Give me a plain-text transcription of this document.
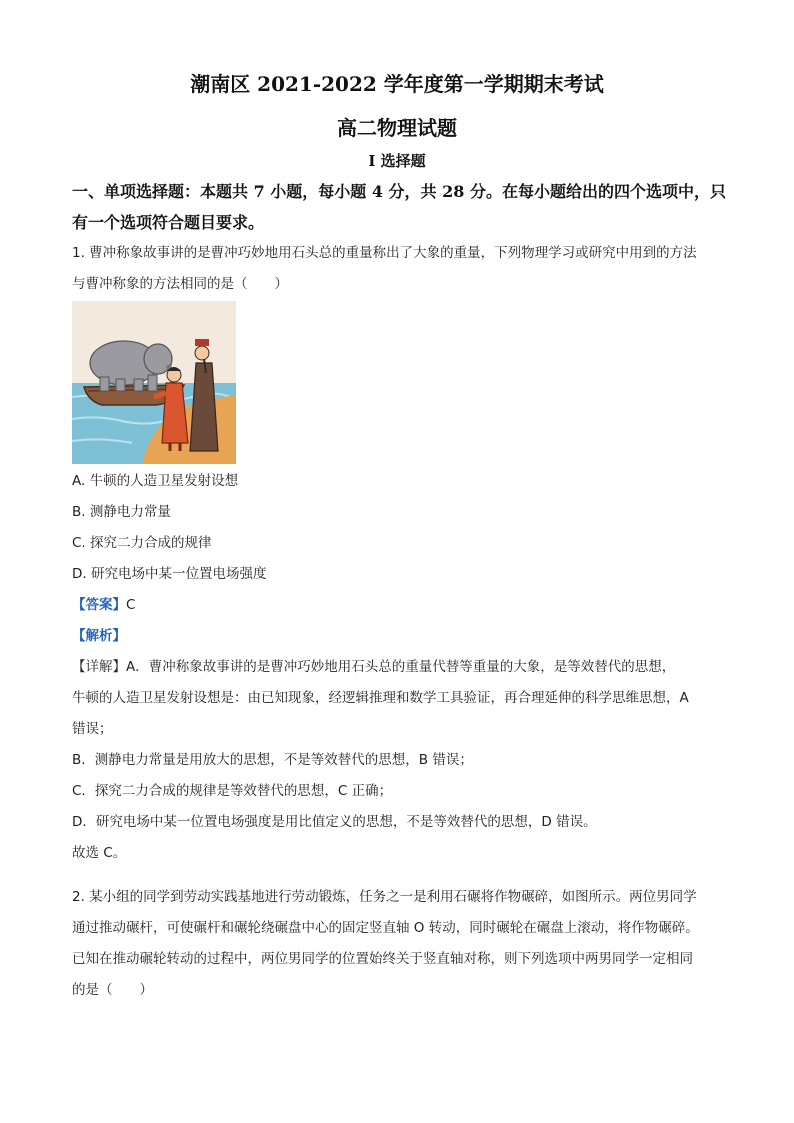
潮南区 2021-2022 学年度第一学期期末考试
高二物理试题
I 选择题
一、单项选择题：本题共 7 小题，每小题 4 分，共 28 分。在每小题给出的四个选项中，只
有一个选项符合题目要求。
1. 曹冲称象故事讲的是曹冲巧妙地用石头总的重量称出了大象的重量，下列物理学习或研究中用到的方法
与曹冲称象的方法相同的是（　　）
A. 牛顿的人造卫星发射设想
B. 测静电力常量
C. 探究二力合成的规律
D. 研究电场中某一位置电场强度
【答案】C
【解析】
【详解】A．曹冲称象故事讲的是曹冲巧妙地用石头总的重量代替等重量的大象，是等效替代的思想，
牛顿的人造卫星发射设想是：由已知现象，经逻辑推理和数学工具验证，再合理延伸的科学思维思想，A
错误；
B．测静电力常量是用放大的思想，不是等效替代的思想，B 错误；
C．探究二力合成的规律是等效替代的思想，C 正确；
D．研究电场中某一位置电场强度是用比值定义的思想，不是等效替代的思想，D 错误。
故选 C。
2. 某小组的同学到劳动实践基地进行劳动锻炼，任务之一是利用石碾将作物碾碎，如图所示。两位男同学
通过推动碾杆，可使碾杆和碾轮绕碾盘中心的固定竖直轴 O 转动，同时碾轮在碾盘上滚动，将作物碾碎。
已知在推动碾轮转动的过程中，两位男同学的位置始终关于竖直轴对称，则下列选项中两男同学一定相同
的是（　　）
